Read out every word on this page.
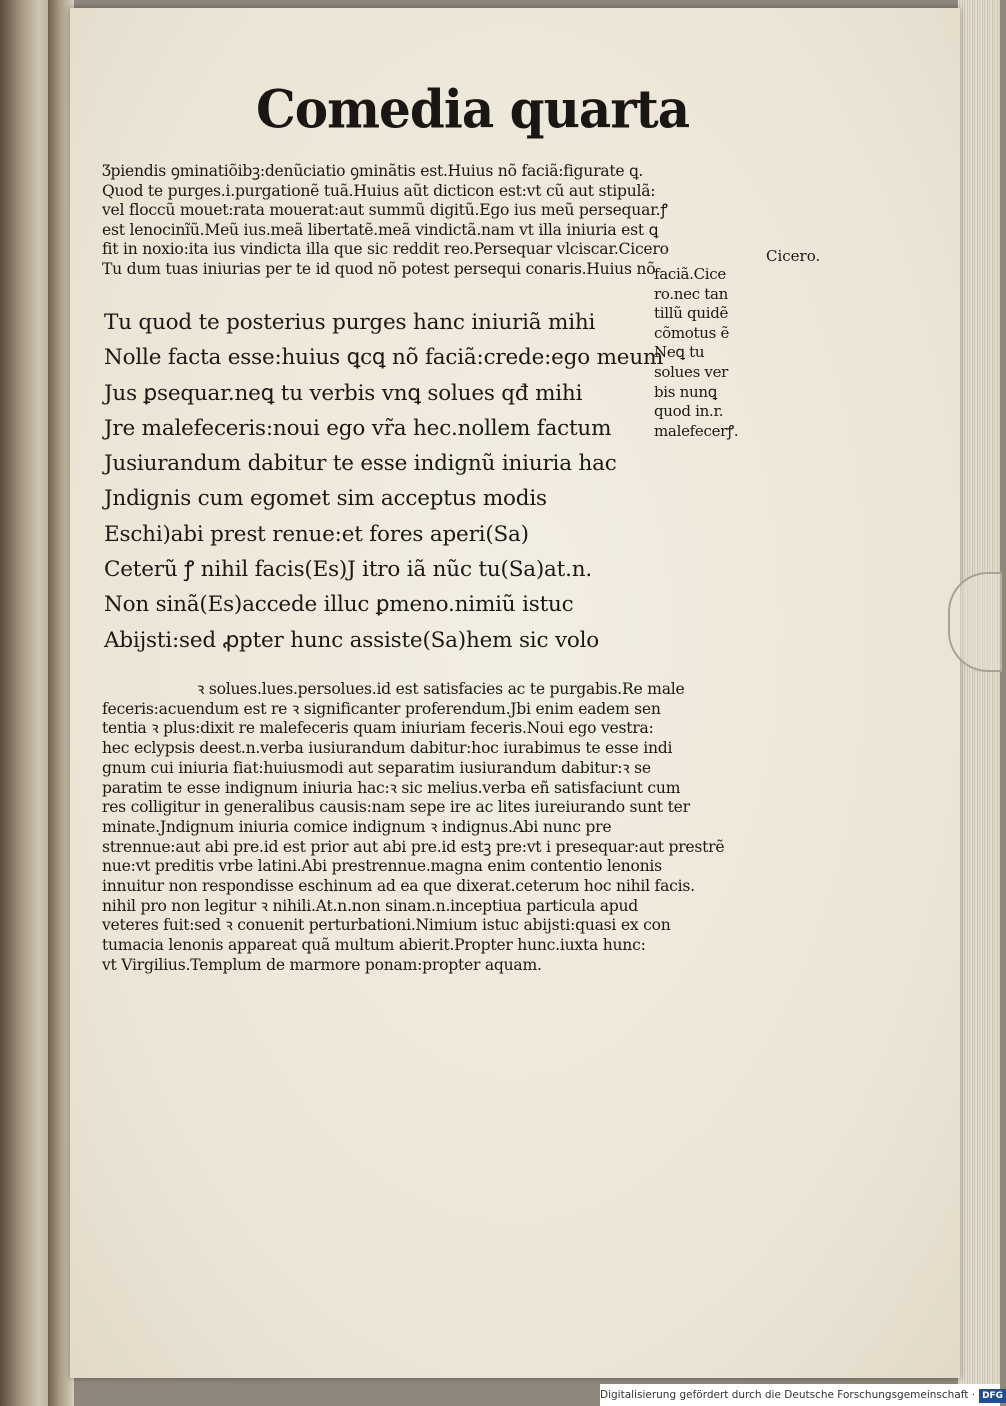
Comedia quarta
Ʒpiendis ꝯminatiõibꝫ:denũciatio ꝯminãtis est.Huius nõ faciã:figurate ꝗ.
Quod te purges.i.purgationẽ tuã.Huius aũt dicticon est:vt cũ aut stipulã:
vel floccũ mouet:rata mouerat:aut summũ digitũ.Ego ius meũ persequar.ꝭ
est lenocinĩũ.Meũ ius.meã libertatẽ.meã vindictã.nam vt illa iniuria est ꝗ
fit in noxio:ita ius vindicta illa que sic reddit reo.Persequar vlciscar.Cicero
Tu dum tuas iniurias per te id quod nõ potest persequi conaris.Huius nõ
Cicero.
Tu quod te posterius purges hanc iniuriã mihi
Nolle facta esse:huius ꝗcꝗ nõ faciã:crede:ego meum
Jus ꝑsequar.neꝗ tu verbis vnꝗ solues qđ mihi
Jre malefeceris:noui ego vr̃a hec.nollem factum
Jusiurandum dabitur te esse indignũ iniuria hac
Jndignis cum egomet sim acceptus modis
Eschi)abi prest renue:et fores aperi(Sa)
Ceterũ ꝭ nihil facis(Es)J itro iã nũc tu(Sa)at.n.
Non sinã(Es)accede illuc ꝑmeno.nimiũ istuc
Abijsti:sed ꝓpter hunc assiste(Sa)hem sic volo
faciã.Cice
ro.nec tan
tillũ quidẽ
cõmotus ẽ
Neꝗ tu
solues ver
bis nunꝗ
quod in.r.
malefecerꝭ.
ꝛ solues.lues.persolues.id est satisfacies ac te purgabis.Re male
feceris:acuendum est re ꝛ significanter proferendum.Jbi enim eadem sen
tentia ꝛ plus:dixit re malefeceris quam iniuriam feceris.Noui ego vestra:
hec eclypsis deest.n.verba iusiurandum dabitur:hoc iurabimus te esse indi
gnum cui iniuria fiat:huiusmodi aut separatim iusiurandum dabitur:ꝛ se
paratim te esse indignum iniuria hac:ꝛ sic melius.verba eñ satisfaciunt cum
res colligitur in generalibus causis:nam sepe ire ac lites iureiurando sunt ter
minate.Jndignum iniuria comice indignum ꝛ indignus.Abi nunc pre
strennue:aut abi pre.id est prior aut abi pre.id estꝫ pre:vt i presequar:aut prestrẽ
nue:vt preditis vrbe latini.Abi prestrennue.magna enim contentio lenonis
innuitur non respondisse eschinum ad ea que dixerat.ceterum hoc nihil facis.
nihil pro non legitur ꝛ nihili.At.n.non sinam.n.inceptiua particula apud
veteres fuit:sed ꝛ conuenit perturbationi.Nimium istuc abijsti:quasi ex con
tumacia lenonis appareat quã multum abierit.Propter hunc.iuxta hunc:
vt Virgilius.Templum de marmore ponam:propter aquam.
Digitalisierung gefördert durch die Deutsche Forschungsgemeinschaft · DFG
